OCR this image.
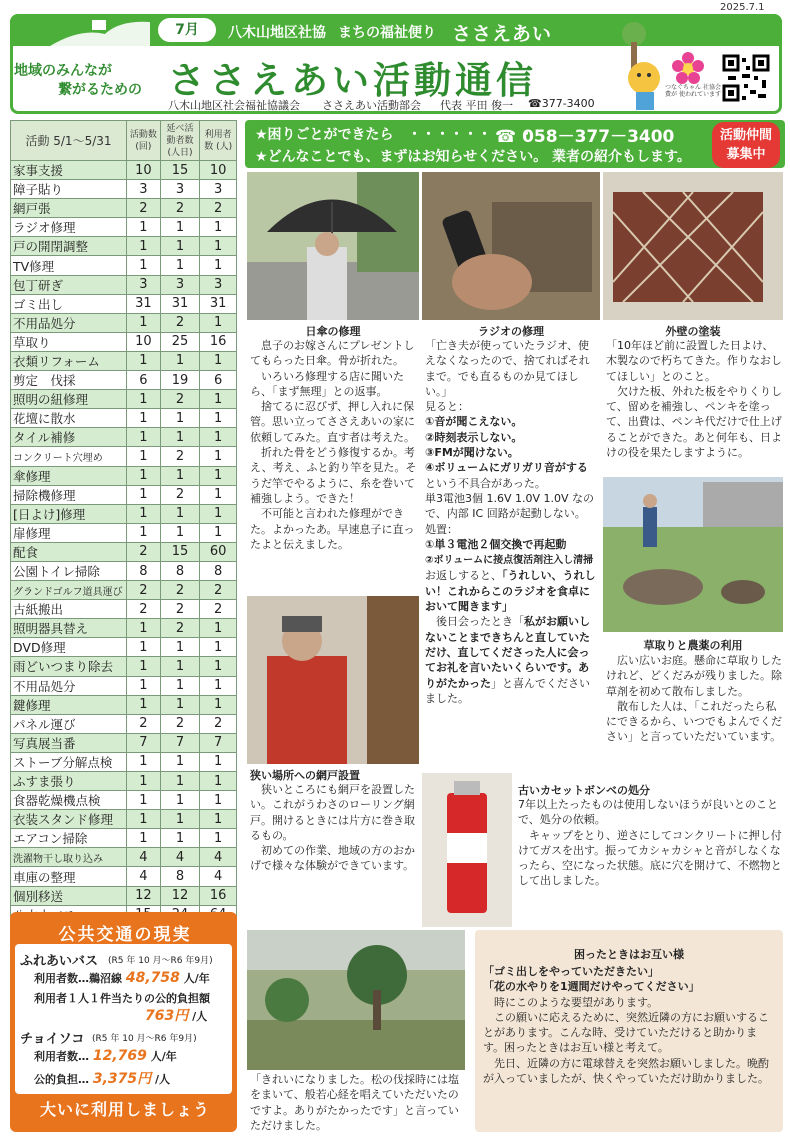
2025.7.1
7月	八木山地区社協 まちの福祉便り ささえあい
地域のみんなが
繋がるための ささえあい活動通信
八木山地区社会福祉協議会 ささえあい活動部会 代表 平田 俊一 ☎377-3400
つなぐちゃん 社協会費が 使われています
活動 5/1～5/31	活動数 (回)	延べ活動者数 (人日)	利用者数 (人)
家事支援	10	15	10
障子貼り	3	3	3
網戸張	2	2	2
ラジオ修理	1	1	1
戸の開閉調整	1	1	1
TV修理	1	1	1
包丁研ぎ	3	3	3
ゴミ出し	31	31	31
不用品処分	1	2	1
草取り	10	25	16
衣類リフォーム	1	1	1
剪定　伐採	6	19	6
照明の紐修理	1	2	1
花壇に散水	1	1	1
タイル補修	1	1	1
コンクリート穴埋め	1	2	1
傘修理	1	1	1
掃除機修理	1	2	1
[日よけ]修理	1	1	1
扉修理	1	1	1
配食	2	15	60
公園トイレ掃除	8	8	8
グランドゴルフ道具運び	2	2	2
古紙搬出	2	2	2
照明器具替え	1	2	1
DVD修理	1	1	1
雨どいつまり除去	1	1	1
不用品処分	1	1	1
鍵修理	1	1	1
パネル運び	2	2	2
写真展当番	7	7	7
ストーブ分解点検	1	1	1
ふすま張り	1	1	1
食器乾燥機点検	1	1	1
衣装スタンド修理	1	1	1
エアコン掃除	1	1	1
洗濯物干し取り込み	4	4	4
車庫の整理	4	8	4
個別移送	12	12	16

★困りごとができたら　・・・・・・・・・
☎ 058－377－3400
★どんなことでも、まずはお知らせください。 業者の紹介もします。
活動仲間
募集中
日傘の修理
　息子のお嫁さんにプレゼントしてもらった日傘。骨が折れた。
　いろいろ修理する店に聞いたら、「まず無理」との返事。
　捨てるに忍びず、押し入れに保管。思い立ってささえあいの家に依頼してみた。直す者は考えた。
　折れた骨をどう修復するか。考え、考え、ふと釣り竿を見た。そうだ竿でやるように、糸を巻いて補強しよう。できた！
　不可能と言われた修理ができた。よかったあ。早速息子に直ったよと伝えました。
ラジオの修理
「亡き夫が使っていたラジオ、使えなくなったので、捨てればそれまで。でも直るものか見てほしい。」
見ると：
①音が聞こえない。
②時刻表示しない。
③FMが聞けない。
④ボリュームにガリガリ音がする
という不具合があった。
単3電池3個 1.6V 1.0V 1.0V なので、内部 IC 回路が起動しない。
処置：
①単３電池２個交換で再起動
②ボリュームに接点復活剤注入し清掃
お返しすると、「うれしい、うれしい！これからこのラジオを食卓において聞きます」
　後日会ったとき「私がお願いしないことまできちんと直していただけ、直してくださった人に会ってお礼を言いたいくらいです。ありがたかった」と喜んでくださいました。
外壁の塗装
「10年ほど前に設置した日よけ、木製なので朽ちてきた。作りなおしてほしい」とのこと。
　欠けた板、外れた板をやりくりして、留めを補強し、ペンキを塗って、出費は、ペンキ代だけで仕上げることができた。あと何年も、日よけの役を果たしますように。
草取りと農薬の利用
　広い広いお庭。懸命に草取りしたけれど、どくだみが残りました。除草剤を初めて散布しました。
　散布した人は、「これだったら私にできるから、いつでもよんでください」と言っていただいています。
狭い場所への網戸設置
　狭いところにも網戸を設置したい。これがうわさのローリング網戸。開けるときには片方に巻き取るもの。
　初めての作業、地域の方のおかげで様々な体験ができています。
古いカセットボンベの処分
7年以上たったものは使用しないほうが良いとのことで、処分の依頼。
　キャップをとり、逆さにしてコンクリートに押し付けてガスを出す。振ってカシャカシャと音がしなくなったら、空になった状態。底に穴を開けて、不燃物として出しました。
「きれいになりました。松の伐採時には塩をまいて、般若心経を唱えていただいたのですよ。ありがたかったです」と言っていただけました。
困ったときはお互い様
「ゴミ出しをやっていただきたい」
「花の水やりを1週間だけやってください」
　時にこのような要望があります。
　この願いに応えるために、突然近隣の方にお願いすることがあります。こんな時、受けていただけると助かります。困ったときはお互い様と考えて。
　先日、近隣の方に電球替えを突然お願いしました。晩酌が入っていましたが、快くやっていただけ助かりました。
公共交通の現実
ふれあいバス (R5 年 10 月～R6 年9月)
利用者数…鵜沼線 48,758 人/年
利用者１人１件当たりの公的負担額
763円 /人
チョイソコ (R5 年 10 月～R6 年9月)
利用者数… 12,769 人/年
公的負担… 3,375円 /人
大いに利用しましょう
